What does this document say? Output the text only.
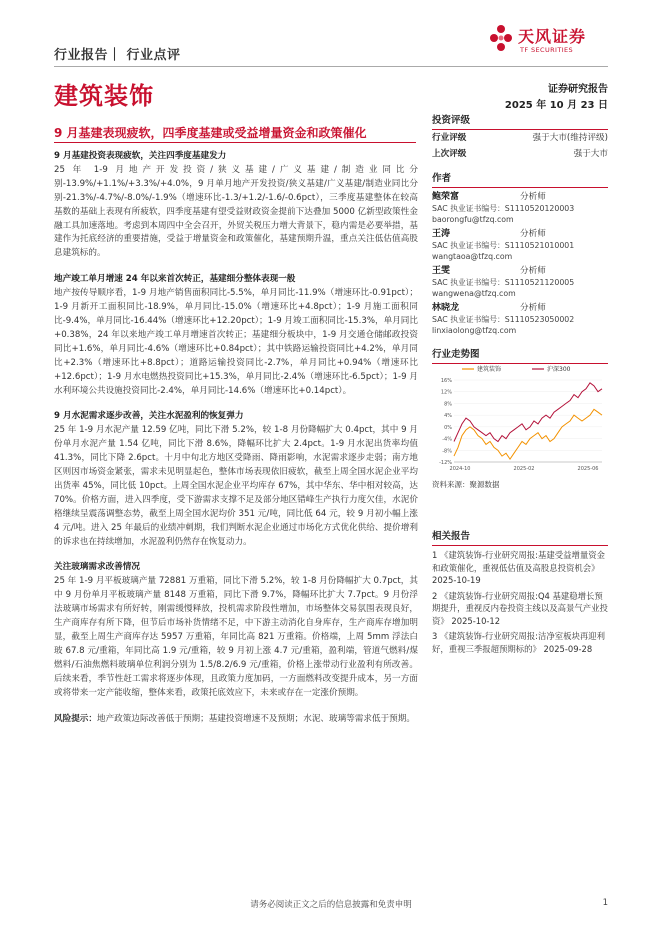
行业报告｜ 行业点评
建筑装饰
天风证券
TF SECURITIES
证券研究报告
2025 年 10 月 23 日
9 月基建表现疲软，四季度基建或受益增量资金和政策催化

9 月基建投资表现疲软，关注四季度基建发力

25 年 1-9 月地产开发投资/狭义基建/广义基建/制造业同比分别-13.9%/+1.1%/+3.3%/+4.0%，9 月单月地产开发投资/狭义基建/广义基建/制造业同比分别-21.3%/-4.7%/-8.0%/-1.9%（增速环比-1.3/+1.2/-1.6/-0.6pct），三季度基建整体在较高基数的基础上表现有所疲软，四季度基建有望受益财政资金提前下达叠加 5000 亿新型政策性金融工具加速落地。考虑到本周四中全会召开，外贸关税压力增大背景下，稳内需是必要举措，基建作为托底经济的重要措施，受益于增量资金和政策催化，基建预期升温，重点关注低估值高股息建筑标的。

地产竣工单月增速 24 年以来首次转正，基建细分整体表现一般

地产按传导顺序看，1-9 月地产销售面积同比-5.5%，单月同比-11.9%（增速环比-0.91pct）；1-9 月新开工面积同比-18.9%，单月同比-15.0%（增速环比+4.8pct）；1-9 月施工面积同比-9.4%，单月同比-16.44%（增速环比+12.20pct）；1-9 月竣工面积同比-15.3%，单月同比+0.38%，24 年以来地产竣工单月增速首次转正；基建细分板块中，1-9 月交通仓储邮政投资同比+1.6%，单月同比-4.6%（增速环比+0.84pct）；其中铁路运输投资同比+4.2%，单月同比+2.3%（增速环比+8.8pct）；道路运输投资同比-2.7%，单月同比+0.94%（增速环比+12.6pct）；1-9 月水电燃热投资同比+15.3%，单月同比-2.4%（增速环比-6.5pct）；1-9 月水利环境公共设施投资同比-2.4%，单月同比-14.6%（增速环比+0.14pct）。

9 月水泥需求逐步改善，关注水泥盈利的恢复弹力

25 年 1-9 月水泥产量 12.59 亿吨，同比下滑 5.2%，较 1-8 月份降幅扩大 0.4pct，其中 9 月份单月水泥产量 1.54 亿吨，同比下滑 8.6%，降幅环比扩大 2.4pct。1-9 月水泥出货率均值 41.3%，同比下降 2.6pct。十月中旬北方地区受降雨、降雨影响，水泥需求逐步走弱；南方地区则因市场资金紧张，需求未见明显起色，整体市场表现依旧疲软，截至上周全国水泥企业平均出货率 45%，同比低 10pct。上周全国水泥企业平均库存 67%，其中华东、华中相对较高，达 70%。价格方面，进入四季度，受下游需求支撑不足及部分地区错峰生产执行力度欠佳，水泥价格继续呈震荡调整态势，截至上周全国水泥均价 351 元/吨，同比低 64 元，较 9 月初小幅上涨 4 元/吨。进入 25 年最后的业绩冲刺期，我们判断水泥企业通过市场化方式优化供给、提价增利的诉求也在持续增加，水泥盈利仍然存在恢复动力。

关注玻璃需求改善情况

25 年 1-9 月平板玻璃产量 72881 万重箱，同比下滑 5.2%，较 1-8 月份降幅扩大 0.7pct，其中 9 月份单月平板玻璃产量 8148 万重箱，同比下滑 9.7%，降幅环比扩大 7.7pct。9 月份浮法玻璃市场需求有所好转，刚需缓慢释放，投机需求阶段性增加，市场整体交易氛围表现良好，生产商库存有所下降，但节后市场补货情绪不足，中下游主动消化自身库存，生产商库存增加明显，截至上周生产商库存达 5957 万重箱，年同比高 821 万重箱。价格端，上周 5mm 浮法白玻 67.8 元/重箱，年同比高 1.9 元/重箱，较 9 月初上涨 4.7 元/重箱，盈利端，管道气燃料/煤燃料/石油焦燃料玻璃单位利润分别为 1.5/8.2/6.9 元/重箱，价格上涨带动行业盈利有所改善。后续来看，季节性赶工需求将逐步体现，且政策力度加码，一方面燃料改变提升成本，另一方面或将带来一定产能收缩，整体来看，政策托底效应下，未来或存在一定涨价预期。

风险提示：地产政策边际改善低于预期；基建投资增速不及预期；水泥、玻璃等需求低于预期。

投资评级
行业评级	强于大市(维持评级)
上次评级	强于大市
作者
鲍荣富	分析师
SAC 执业证书编号：S1110520120003
baorongfu@tfzq.com
王涛	分析师
SAC 执业证书编号：S1110521010001
wangtaoa@tfzq.com
王雯	分析师
SAC 执业证书编号：S1110521120005
wangwena@tfzq.com
林晓龙	分析师
SAC 执业证书编号：S1110523050002
linxiaolong@tfzq.com
行业走势图
16%
12%
8%
4%
0%
-4%
-8%
-12%
2024-10	2025-02	2025-06
建筑装饰	沪深300
资料来源：聚源数据
相关报告

1 《建筑装饰-行业研究周报:基建受益增量资金和政策催化，重视低估值及高股息投资机会》 2025-10-19

2 《建筑装饰-行业研究周报:Q4 基建稳增长预期提升，重视反内卷投资主线以及高景气产业投资》 2025-10-12

3 《建筑装饰-行业研究周报:洁净室板块再迎利好，重视三季报超预期标的》 2025-09-28

请务必阅读正文之后的信息披露和免责申明	1
